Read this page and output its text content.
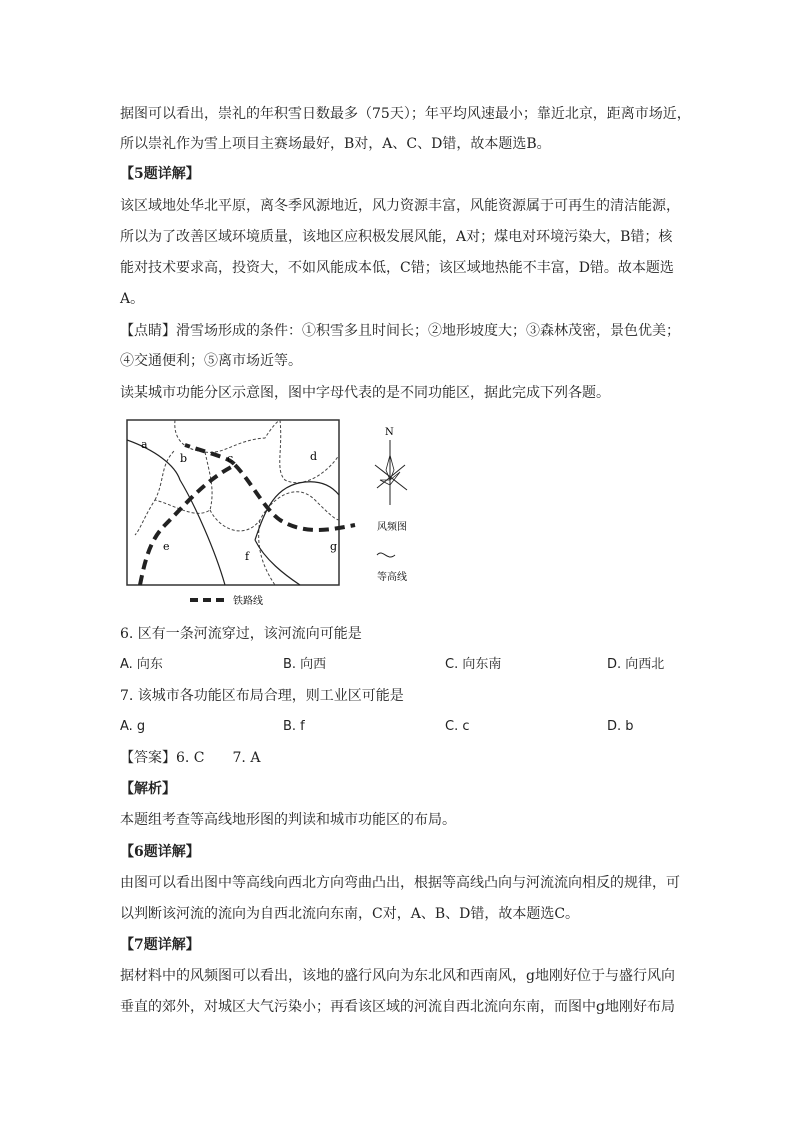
据图可以看出，崇礼的年积雪日数最多（75天）；年平均风速最小；靠近北京，距离市场近，
所以崇礼作为雪上项目主赛场最好，B对，A、C、D错，故本题选B。
【5题详解】
该区域地处华北平原，离冬季风源地近，风力资源丰富，风能资源属于可再生的清洁能源，
所以为了改善区域环境质量，该地区应积极发展风能，A对；煤电对环境污染大，B错；核
能对技术要求高，投资大，不如风能成本低，C错；该区域地热能不丰富，D错。故本题选
A。
【点睛】滑雪场形成的条件：①积雪多且时间长；②地形坡度大；③森林茂密，景色优美；
④交通便利；⑤离市场近等。
读某城市功能分区示意图，图中字母代表的是不同功能区，据此完成下列各题。
a
b	c	d
e
f
g
N
风频图
等高线
铁路线
6. 区有一条河流穿过，该河流向可能是
A. 向东	B. 向西	C. 向东南	D. 向西北
7. 该城市各功能区布局合理，则工业区可能是
A. g	B. f	C. c	D. b
【答案】6. C　　7. A
【解析】
本题组考查等高线地形图的判读和城市功能区的布局。
【6题详解】
由图可以看出图中等高线向西北方向弯曲凸出，根据等高线凸向与河流流向相反的规律，可
以判断该河流的流向为自西北流向东南，C对，A、B、D错，故本题选C。
【7题详解】
据材料中的风频图可以看出，该地的盛行风向为东北风和西南风，g地刚好位于与盛行风向
垂直的郊外，对城区大气污染小；再看该区域的河流自西北流向东南，而图中g地刚好布局
